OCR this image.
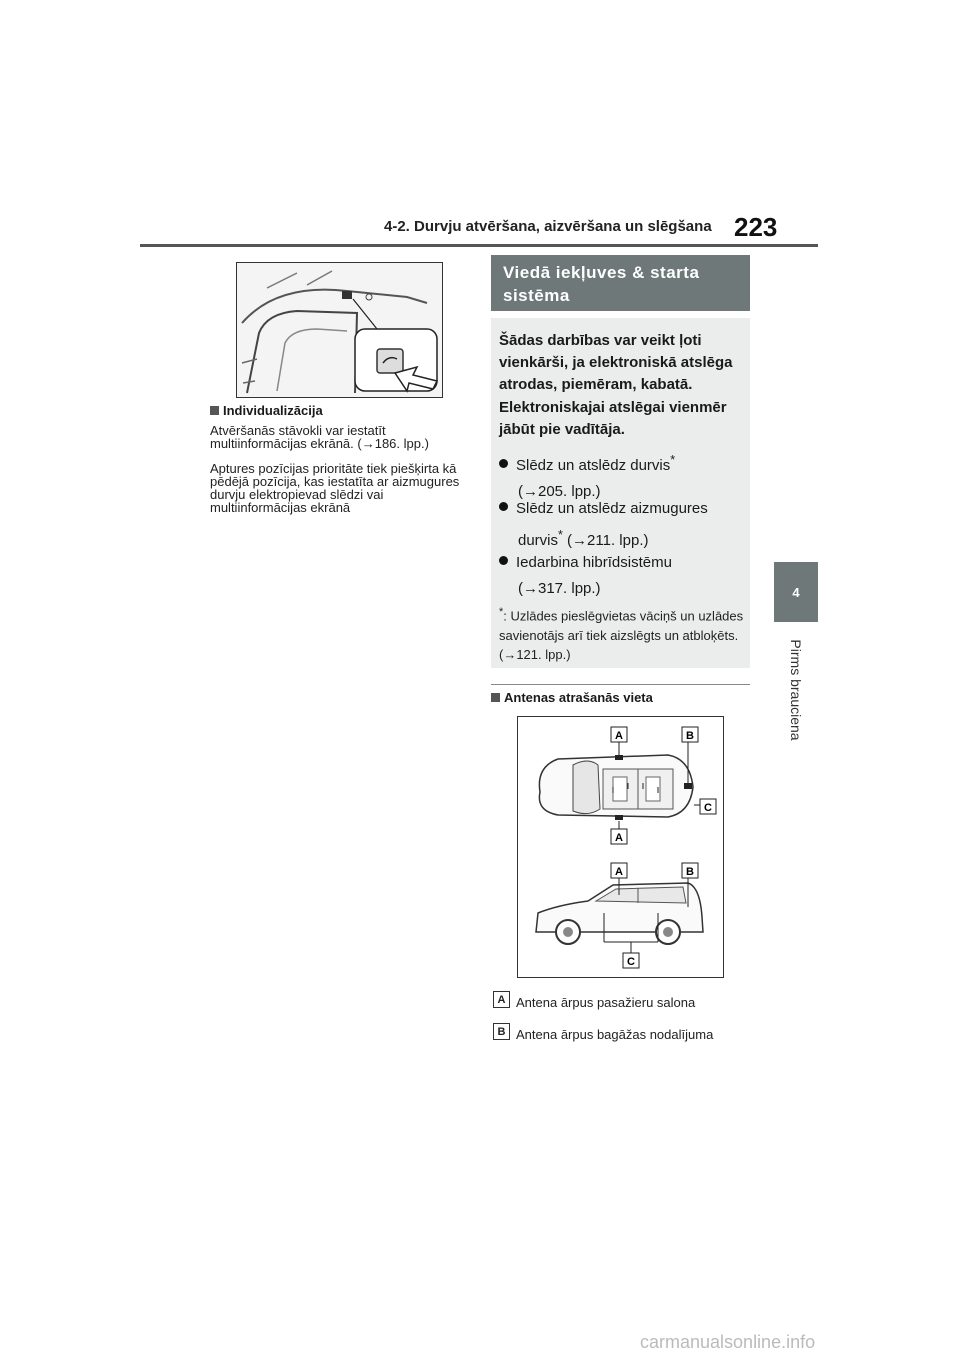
4-2. Durvju atvēršana, aizvēršana un slēgšana 223
4
Pirms brauciena
Individualizācija
Atvēršanās stāvokli var iestatīt multiinformācijas ekrānā. (→186. lpp.)
Aptures pozīcijas prioritāte tiek piešķirta kā pēdējā pozīcija, kas iestatīta ar aizmugures durvju elektropievad slēdzi vai multiinformācijas ekrānā
Viedā iekļuves & starta sistēma
Šādas darbības var veikt ļoti vienkārši, ja elektroniskā atslēga atrodas, piemēram, kabatā. Elektroniskajai atslēgai vienmēr jābūt pie vadītāja.
Slēdz un atslēdz durvis*
(→205. lpp.)
Slēdz un atslēdz aizmugures
durvis* (→211. lpp.)
Iedarbina hibrīdsistēmu
(→317. lpp.)
*: Uzlādes pieslēgvietas vāciņš un uzlādes savienotājs arī tiek aizslēgts un atbloķēts. (→121. lpp.)
Antenas atrašanās vieta
A	B
C
A
A	B
C
A Antena ārpus pasažieru salona
B Antena ārpus bagāžas nodalījuma
carmanualsonline.info
